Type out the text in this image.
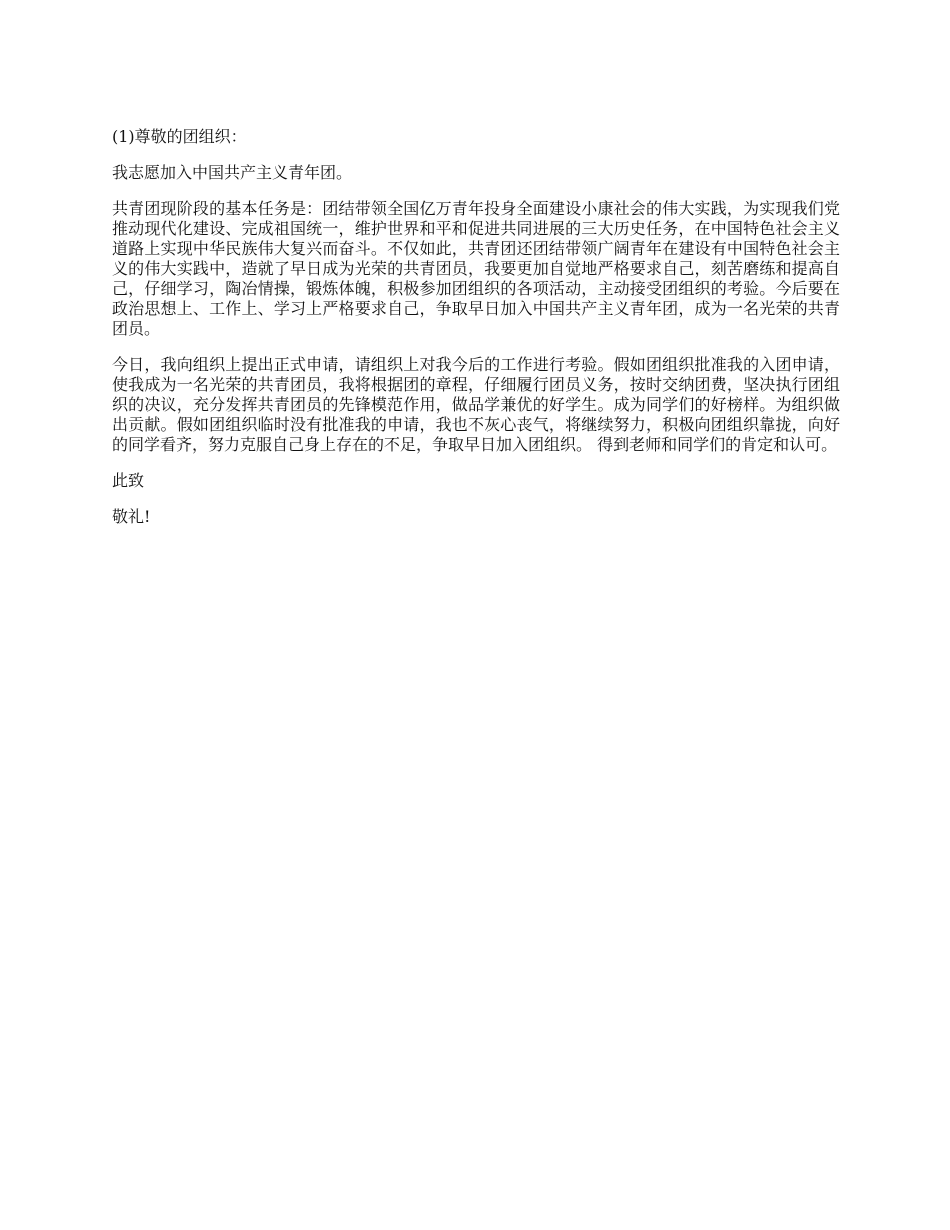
(1)尊敬的团组织：

我志愿加入中国共产主义青年团。

共青团现阶段的基本任务是：团结带领全国亿万青年投身全面建设小康社会的伟大实践，为实现我们党推动现代化建设、完成祖国统一，维护世界和平和促进共同进展的三大历史任务，在中国特色社会主义道路上实现中华民族伟大复兴而奋斗。不仅如此，共青团还团结带领广阔青年在建设有中国特色社会主义的伟大实践中，造就了早日成为光荣的共青团员，我要更加自觉地严格要求自己，刻苦磨练和提高自己，仔细学习，陶冶情操，锻炼体魄，积极参加团组织的各项活动，主动接受团组织的考验。今后要在政治思想上、工作上、学习上严格要求自己，争取早日加入中国共产主义青年团，成为一名光荣的共青团员。

今日，我向组织上提出正式申请，请组织上对我今后的工作进行考验。假如团组织批准我的入团申请，使我成为一名光荣的共青团员，我将根据团的章程，仔细履行团员义务，按时交纳团费，坚决执行团组织的决议，充分发挥共青团员的先锋模范作用，做品学兼优的好学生。成为同学们的好榜样。为组织做出贡献。假如团组织临时没有批准我的申请，我也不灰心丧气，将继续努力，积极向团组织靠拢，向好的同学看齐，努力克服自己身上存在的不足，争取早日加入团组织。 得到老师和同学们的肯定和认可。

此致

敬礼!
